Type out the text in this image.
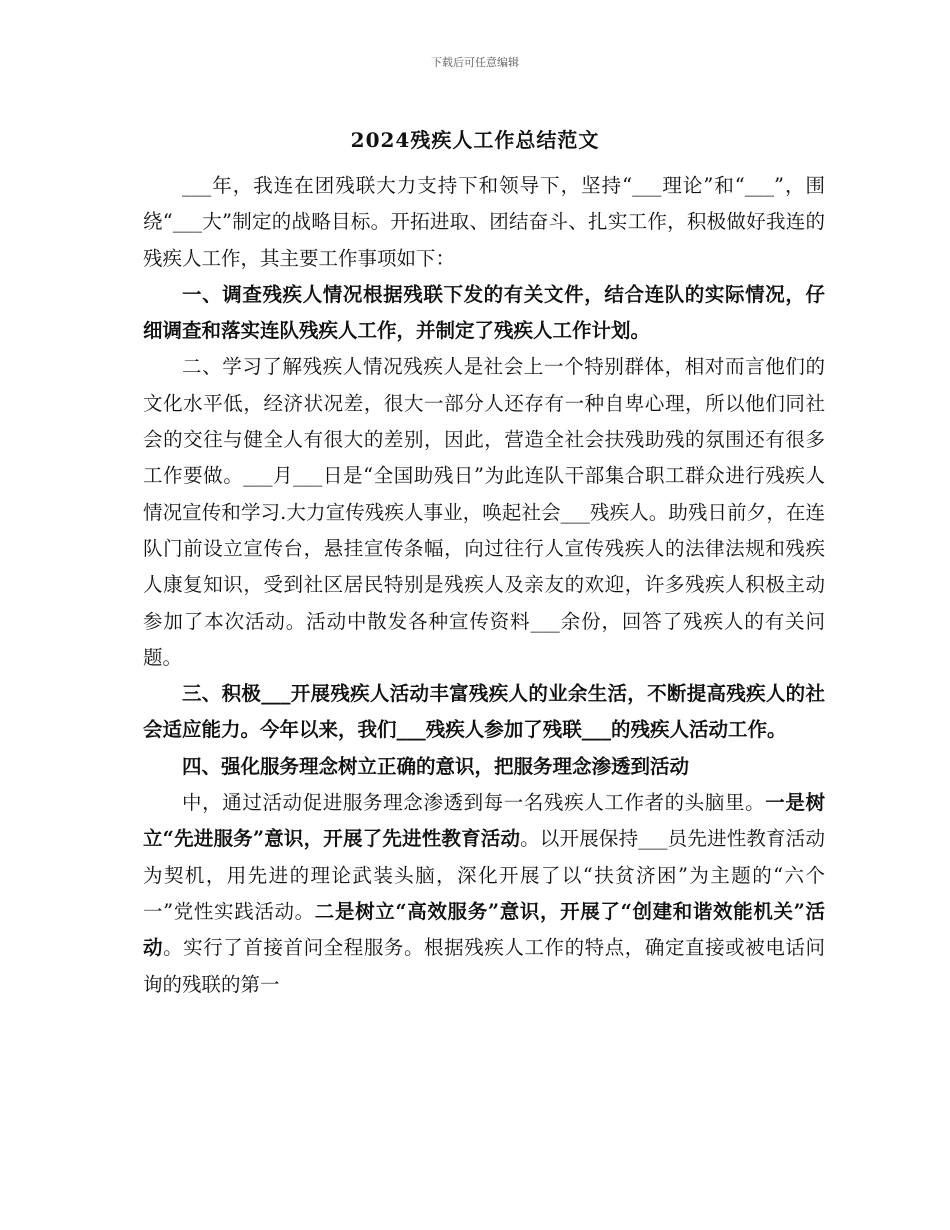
下载后可任意编辑
2024残疾人工作总结范文

___年，我连在团残联大力支持下和领导下，坚持“___理论”和“___”，围绕“___大”制定的战略目标。开拓进取、团结奋斗、扎实工作，积极做好我连的残疾人工作，其主要工作事项如下：

一、调查残疾人情况根据残联下发的有关文件，结合连队的实际情况，仔细调查和落实连队残疾人工作，并制定了残疾人工作计划。

二、学习了解残疾人情况残疾人是社会上一个特别群体，相对而言他们的文化水平低，经济状况差，很大一部分人还存有一种自卑心理，所以他们同社会的交往与健全人有很大的差别，因此，营造全社会扶残助残的氛围还有很多工作要做。___月___日是“全国助残日”为此连队干部集合职工群众进行残疾人情况宣传和学习.大力宣传残疾人事业，唤起社会___残疾人。助残日前夕，在连队门前设立宣传台，悬挂宣传条幅，向过往行人宣传残疾人的法律法规和残疾人康复知识，受到社区居民特别是残疾人及亲友的欢迎，许多残疾人积极主动参加了本次活动。活动中散发各种宣传资料___余份，回答了残疾人的有关问题。

三、积极___开展残疾人活动丰富残疾人的业余生活，不断提高残疾人的社会适应能力。今年以来，我们___残疾人参加了残联___的残疾人活动工作。

四、强化服务理念树立正确的意识，把服务理念渗透到活动

中，通过活动促进服务理念渗透到每一名残疾人工作者的头脑里。一是树立“先进服务”意识，开展了先进性教育活动。以开展保持___员先进性教育活动为契机，用先进的理论武装头脑，深化开展了以“扶贫济困”为主题的“六个一”党性实践活动。二是树立“高效服务”意识，开展了“创建和谐效能机关”活动。实行了首接首问全程服务。根据残疾人工作的特点，确定直接或被电话问询的残联的第一
